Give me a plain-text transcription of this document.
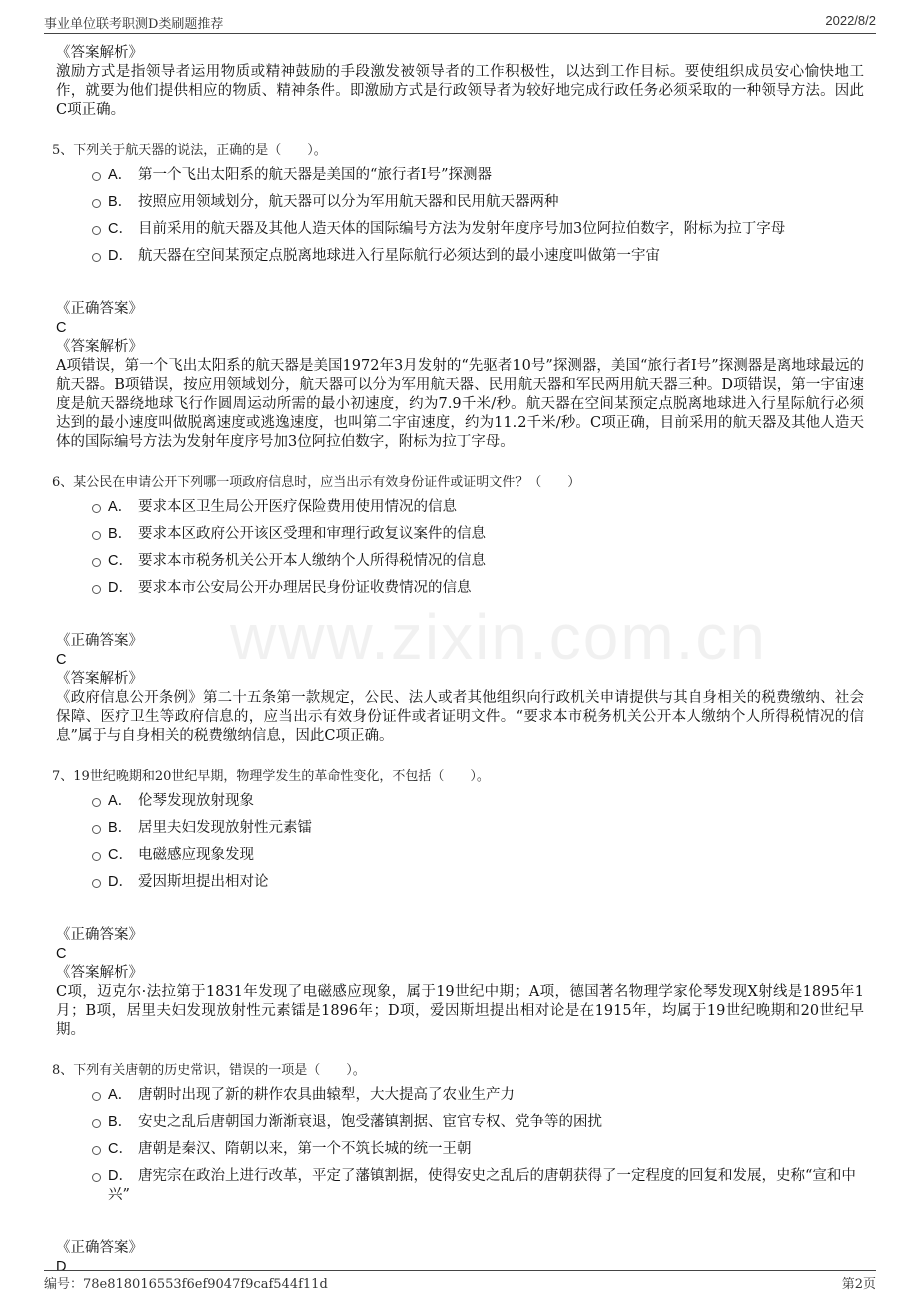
事业单位联考职测D类刷题推荐	2022/8/2
www.zixin.com.cn
《答案解析》

激励方式是指领导者运用物质或精神鼓励的手段激发被领导者的工作积极性，以达到工作目标。要使组织成员安心愉快地工作，就要为他们提供相应的物质、精神条件。即激励方式是行政领导者为较好地完成行政任务必须采取的一种领导方法。因此C项正确。

5、下列关于航天器的说法，正确的是（　　）。
A． 第一个飞出太阳系的航天器是美国的“旅行者I号”探测器
B． 按照应用领域划分，航天器可以分为军用航天器和民用航天器两种
C． 目前采用的航天器及其他人造天体的国际编号方法为发射年度序号加3位阿拉伯数字，附标为拉丁字母
D． 航天器在空间某预定点脱离地球进入行星际航行必须达到的最小速度叫做第一宇宙
《正确答案》
C
《答案解析》

A项错误，第一个飞出太阳系的航天器是美国1972年3月发射的“先驱者10号”探测器，美国“旅行者I号”探测器是离地球最远的航天器。B项错误，按应用领域划分，航天器可以分为军用航天器、民用航天器和军民两用航天器三种。D项错误，第一宇宙速度是航天器绕地球飞行作圆周运动所需的最小初速度，约为7.9千米/秒。航天器在空间某预定点脱离地球进入行星际航行必须达到的最小速度叫做脱离速度或逃逸速度，也叫第二宇宙速度，约为11.2千米/秒。C项正确，目前采用的航天器及其他人造天体的国际编号方法为发射年度序号加3位阿拉伯数字，附标为拉丁字母。

6、某公民在申请公开下列哪一项政府信息时，应当出示有效身份证件或证明文件？（　　）
A． 要求本区卫生局公开医疗保险费用使用情况的信息
B． 要求本区政府公开该区受理和审理行政复议案件的信息
C． 要求本市税务机关公开本人缴纳个人所得税情况的信息
D． 要求本市公安局公开办理居民身份证收费情况的信息
《正确答案》
C
《答案解析》

《政府信息公开条例》第二十五条第一款规定，公民、法人或者其他组织向行政机关申请提供与其自身相关的税费缴纳、社会保障、医疗卫生等政府信息的，应当出示有效身份证件或者证明文件。“要求本市税务机关公开本人缴纳个人所得税情况的信息”属于与自身相关的税费缴纳信息，因此C项正确。

7、19世纪晚期和20世纪早期，物理学发生的革命性变化，不包括（　　）。
A． 伦琴发现放射现象
B． 居里夫妇发现放射性元素镭
C． 电磁感应现象发现
D． 爱因斯坦提出相对论
《正确答案》
C
《答案解析》

C项，迈克尔·法拉第于1831年发现了电磁感应现象，属于19世纪中期；A项，德国著名物理学家伦琴发现X射线是1895年1月；B项，居里夫妇发现放射性元素镭是1896年；D项，爱因斯坦提出相对论是在1915年，均属于19世纪晚期和20世纪早期。

8、下列有关唐朝的历史常识，错误的一项是（　　）。
A． 唐朝时出现了新的耕作农具曲辕犁，大大提高了农业生产力
B． 安史之乱后唐朝国力渐渐衰退，饱受藩镇割据、宦官专权、党争等的困扰
C． 唐朝是秦汉、隋朝以来，第一个不筑长城的统一王朝
D． 唐宪宗在政治上进行改革，平定了藩镇割据，使得安史之乱后的唐朝获得了一定程度的回复和发展，史称“宣和中兴”
《正确答案》
D
编号：78e818016553f6ef9047f9caf544f11d	第2页
